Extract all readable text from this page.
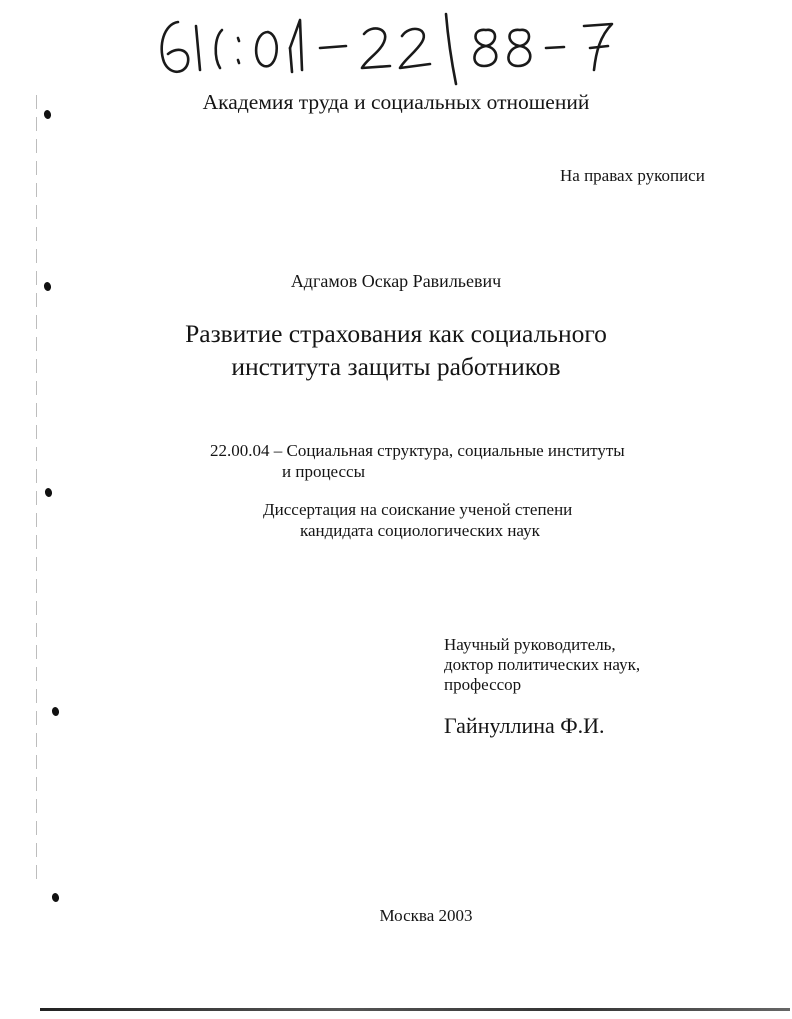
Академия труда и социальных отношений
На правах рукописи
Адгамов Оскар Равильевич
Развитие страхования как социального
института защиты работников
22.00.04 – Социальная структура, социальные институты
и процессы
Диссертация на соискание ученой степени
кандидата социологических наук
Научный руководитель,
доктор политических наук,
профессор
Гайнуллина Ф.И.
Москва 2003
